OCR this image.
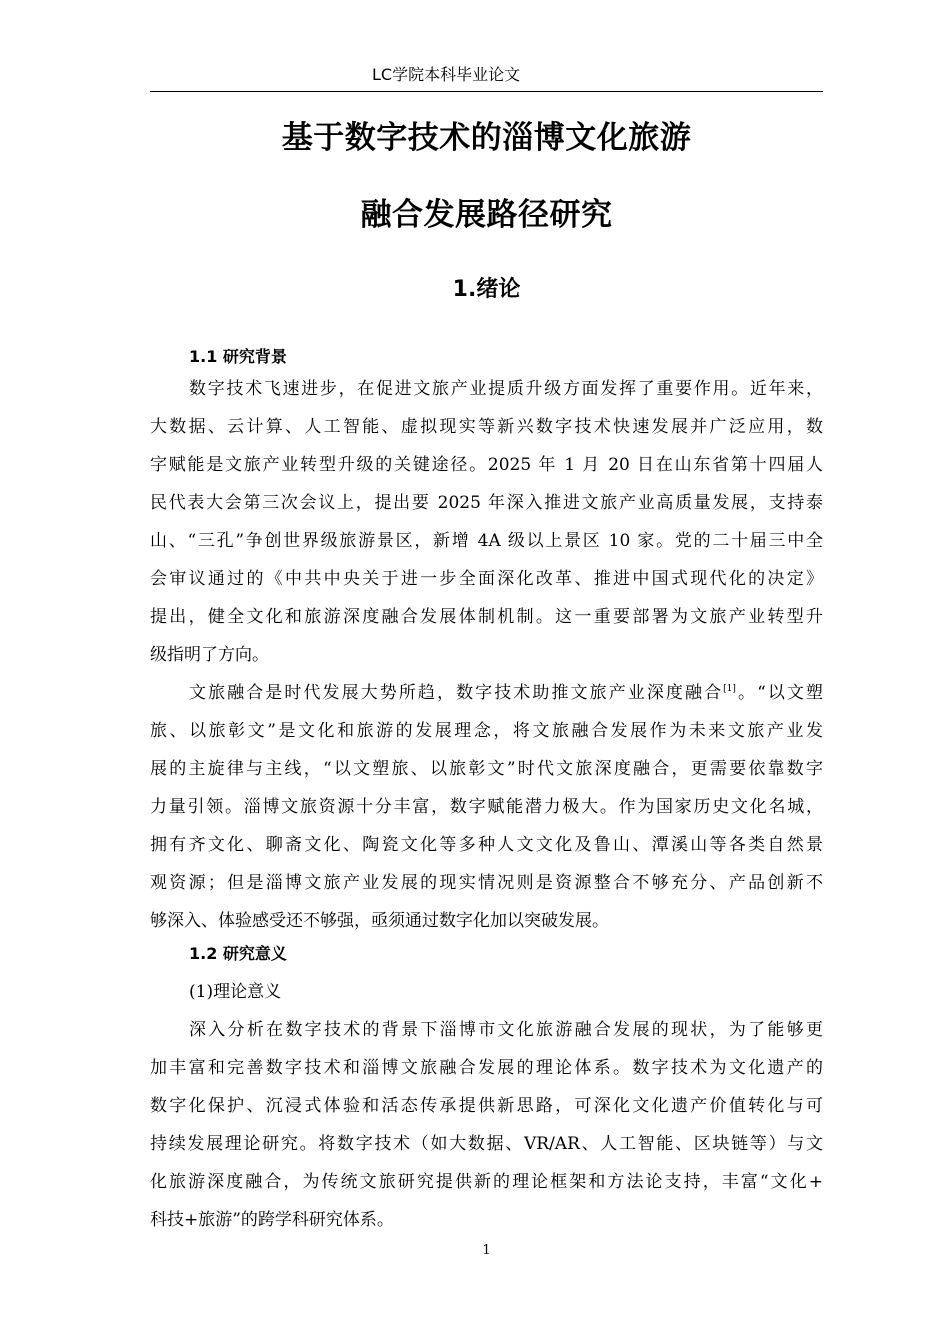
LC学院本科毕业论文
基于数字技术的淄博文化旅游
融合发展路径研究
1.绪论
1.1 研究背景
数字技术飞速进步，在促进文旅产业提质升级方面发挥了重要作用。近年来，
大数据、云计算、人工智能、虚拟现实等新兴数字技术快速发展并广泛应用，数
字赋能是文旅产业转型升级的关键途径。2025 年 1 月 20 日在山东省第十四届人
民代表大会第三次会议上，提出要 2025 年深入推进文旅产业高质量发展，支持泰
山、“三孔”争创世界级旅游景区，新增 4A 级以上景区 10 家。党的二十届三中全
会审议通过的《中共中央关于进一步全面深化改革、推进中国式现代化的决定》
提出，健全文化和旅游深度融合发展体制机制。这一重要部署为文旅产业转型升
级指明了方向。
文旅融合是时代发展大势所趋，数字技术助推文旅产业深度融合[1]。“以文塑
旅、以旅彰文”是文化和旅游的发展理念，将文旅融合发展作为未来文旅产业发
展的主旋律与主线，“以文塑旅、以旅彰文”时代文旅深度融合，更需要依靠数字
力量引领。淄博文旅资源十分丰富，数字赋能潜力极大。作为国家历史文化名城，
拥有齐文化、聊斋文化、陶瓷文化等多种人文文化及鲁山、潭溪山等各类自然景
观资源；但是淄博文旅产业发展的现实情况则是资源整合不够充分、产品创新不
够深入、体验感受还不够强，亟须通过数字化加以突破发展。
1.2 研究意义
(1)理论意义
深入分析在数字技术的背景下淄博市文化旅游融合发展的现状，为了能够更
加丰富和完善数字技术和淄博文旅融合发展的理论体系。数字技术为文化遗产的
数字化保护、沉浸式体验和活态传承提供新思路，可深化文化遗产价值转化与可
持续发展理论研究。将数字技术（如大数据、VR/AR、人工智能、区块链等）与文
化旅游深度融合，为传统文旅研究提供新的理论框架和方法论支持，丰富“文化+
科技+旅游”的跨学科研究体系。
1
